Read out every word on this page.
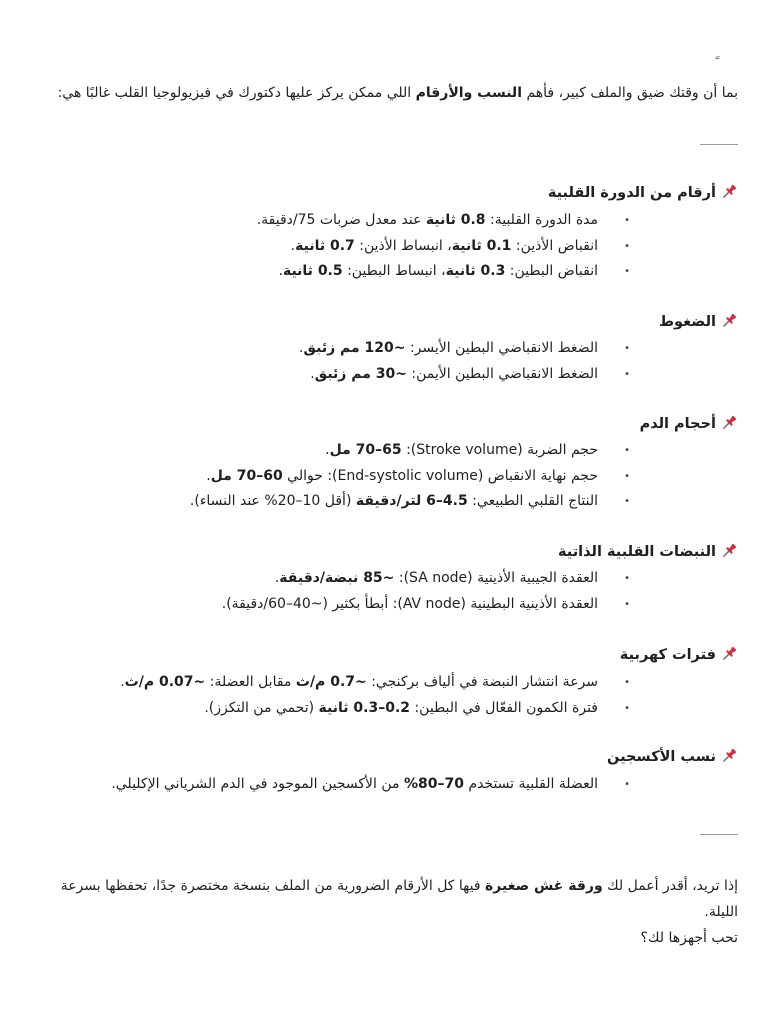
بما أن وقتك ضيق والملف كبير، فأهم النسب والأرقام اللي ممكن يركز عليها دكتورك في فيزيولوجيا القلب غالبًا هي:

أرقام من الدورة القلبية
•
مدة الدورة القلبية: 0.8 ثانية عند معدل ضربات 75/دقيقة.
•
انقباض الأذين: 0.1 ثانية، انبساط الأذين: 0.7 ثانية.
•
انقباض البطين: 0.3 ثانية، انبساط البطين: 0.5 ثانية.
الضغوط
•
الضغط الانقباضي البطين الأيسر: ~120 مم زئبق.
•
الضغط الانقباضي البطين الأيمن: ~30 مم زئبق.
أحجام الدم
•
حجم الضربة (Stroke volume): 70–65 مل.
•
حجم نهاية الانقباض (End-systolic volume): حوالي 60–70 مل.
•
النتاج القلبي الطبيعي: 4.5–6 لتر/دقيقة (أقل 10–20% عند النساء).
النبضات القلبية الذاتية
•
العقدة الجيبية الأذينية (SA node): ~85 نبضة/دقيقة.
•
العقدة الأذينية البطينية (AV node): أبطأ بكثير (~40–60/دقيقة).
فترات كهربية
•
سرعة انتشار النبضة في ألياف بركنجي: ~0.7 م/ث مقابل العضلة: ~0.07 م/ث.
•
فترة الكمون الفعّال في البطين: 0.2–0.3 ثانية (تحمي من التكزز).
نسب الأكسجين
•
العضلة القلبية تستخدم 70–80% من الأكسجين الموجود في الدم الشرياني الإكليلي.

إذا تريد، أقدر أعمل لك ورقة غش صغيرة فيها كل الأرقام الضرورية من الملف بنسخة مختصرة جدًا، تحفظها بسرعة الليلة.
تحب أجهزها لك؟
